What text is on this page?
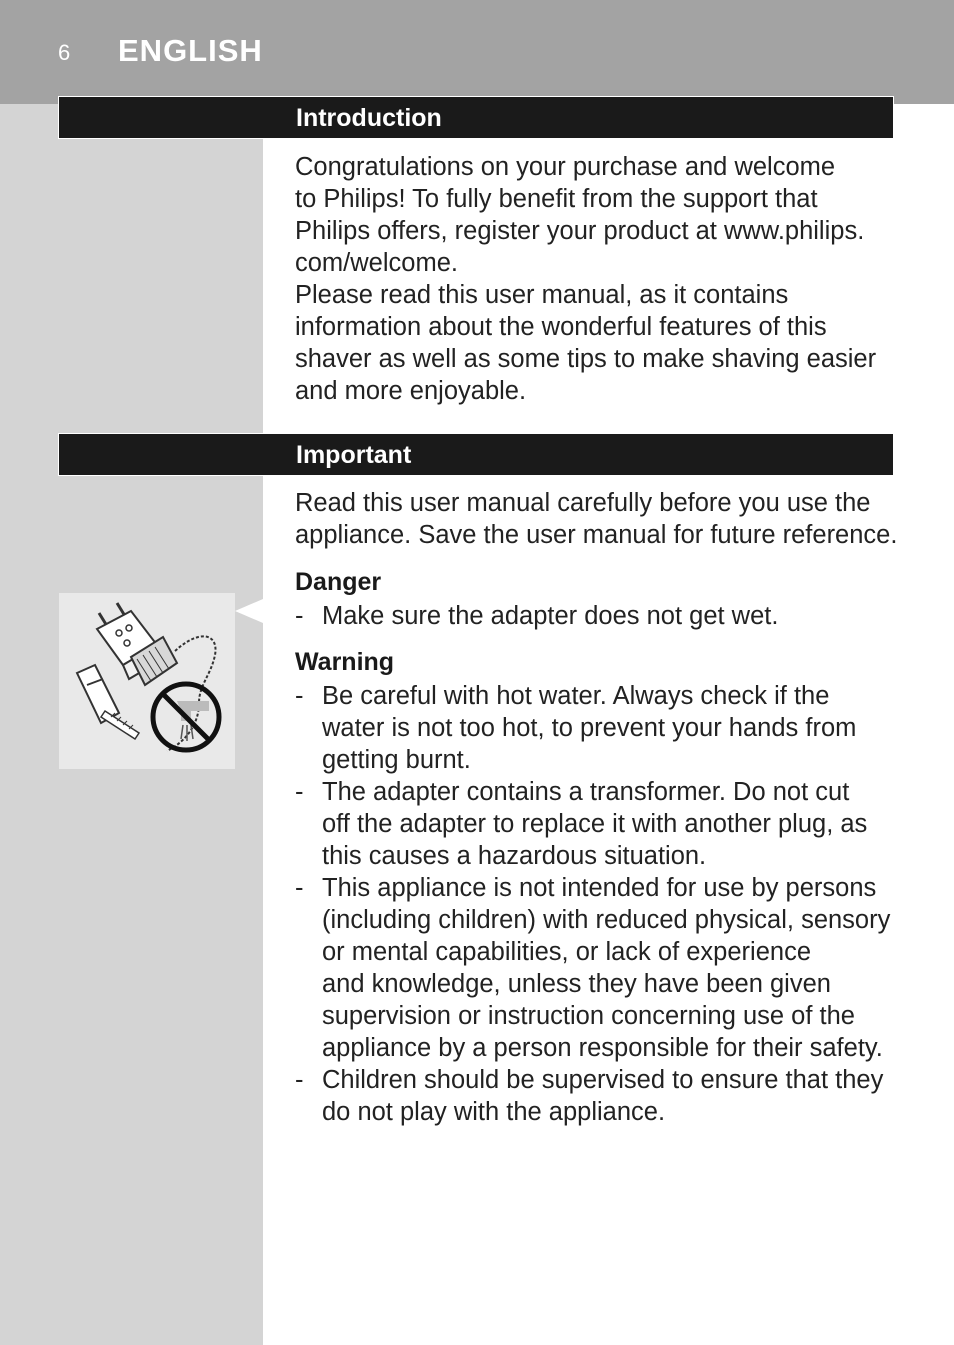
6 ENGLISH
Introduction
Congratulations on your purchase and welcome
to Philips! To fully benefit from the support that
Philips offers, register your product at www.philips.
com/welcome.
Please read this user manual, as it contains
information about the wonderful features of this
shaver as well as some tips to make shaving easier
and more enjoyable.
Important
Read this user manual carefully before you use the
appliance. Save the user manual for future reference.
Danger
- Make sure the adapter does not get wet.
Warning
- Be careful with hot water. Always check if the
water is not too hot, to prevent your hands from
getting burnt.
- The adapter contains a transformer. Do not cut
off the adapter to replace it with another plug, as
this causes a hazardous situation.
- This appliance is not intended for use by persons
(including children) with reduced physical, sensory
or mental capabilities, or lack of experience
and knowledge, unless they have been given
supervision or instruction concerning use of the
appliance by a person responsible for their safety.
- Children should be supervised to ensure that they
do not play with the appliance.
